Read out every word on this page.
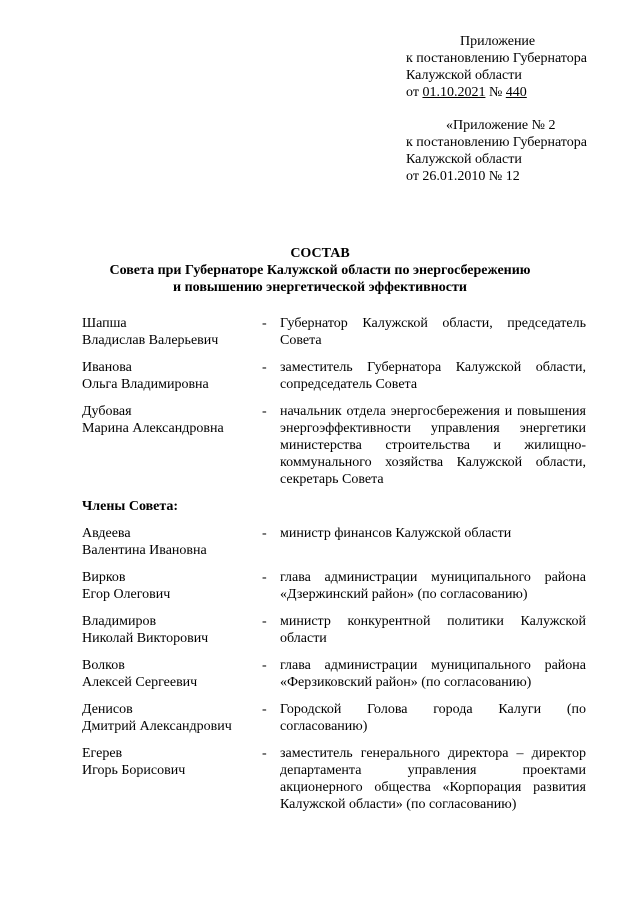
Приложение
к постановлению Губернатора
Калужской области
от 01.10.2021 № 440
«Приложение № 2
к постановлению Губернатора
Калужской области
от 26.01.2010 № 12
СОСТАВ
Совета при Губернаторе Калужской области по энергосбережению
и повышению энергетической эффективности
Шапша
Владислав Валерьевич
- Губернатор Калужской области, председатель Совета
Иванова
Ольга Владимировна
- заместитель Губернатора Калужской области, сопредседатель Совета
Дубовая
Марина Александровна
- начальник отдела энергосбережения и повышения энергоэффективности управления энергетики министерства строительства и жилищно-коммунального хозяйства Калужской области, секретарь Совета
Члены Совета:
Авдеева
Валентина Ивановна
- министр финансов Калужской области
Вирков
Егор Олегович
- глава администрации муниципального района «Дзержинский район» (по согласованию)
Владимиров
Николай Викторович
- министр конкурентной политики Калужской области
Волков
Алексей Сергеевич
- глава администрации муниципального района «Ферзиковский район» (по согласованию)
Денисов
Дмитрий Александрович
- Городской Голова города Калуги (по согласованию)
Егерев
Игорь Борисович
- заместитель генерального директора – директор департамента управления проектами акционерного общества «Корпорация развития Калужской области» (по согласованию)
